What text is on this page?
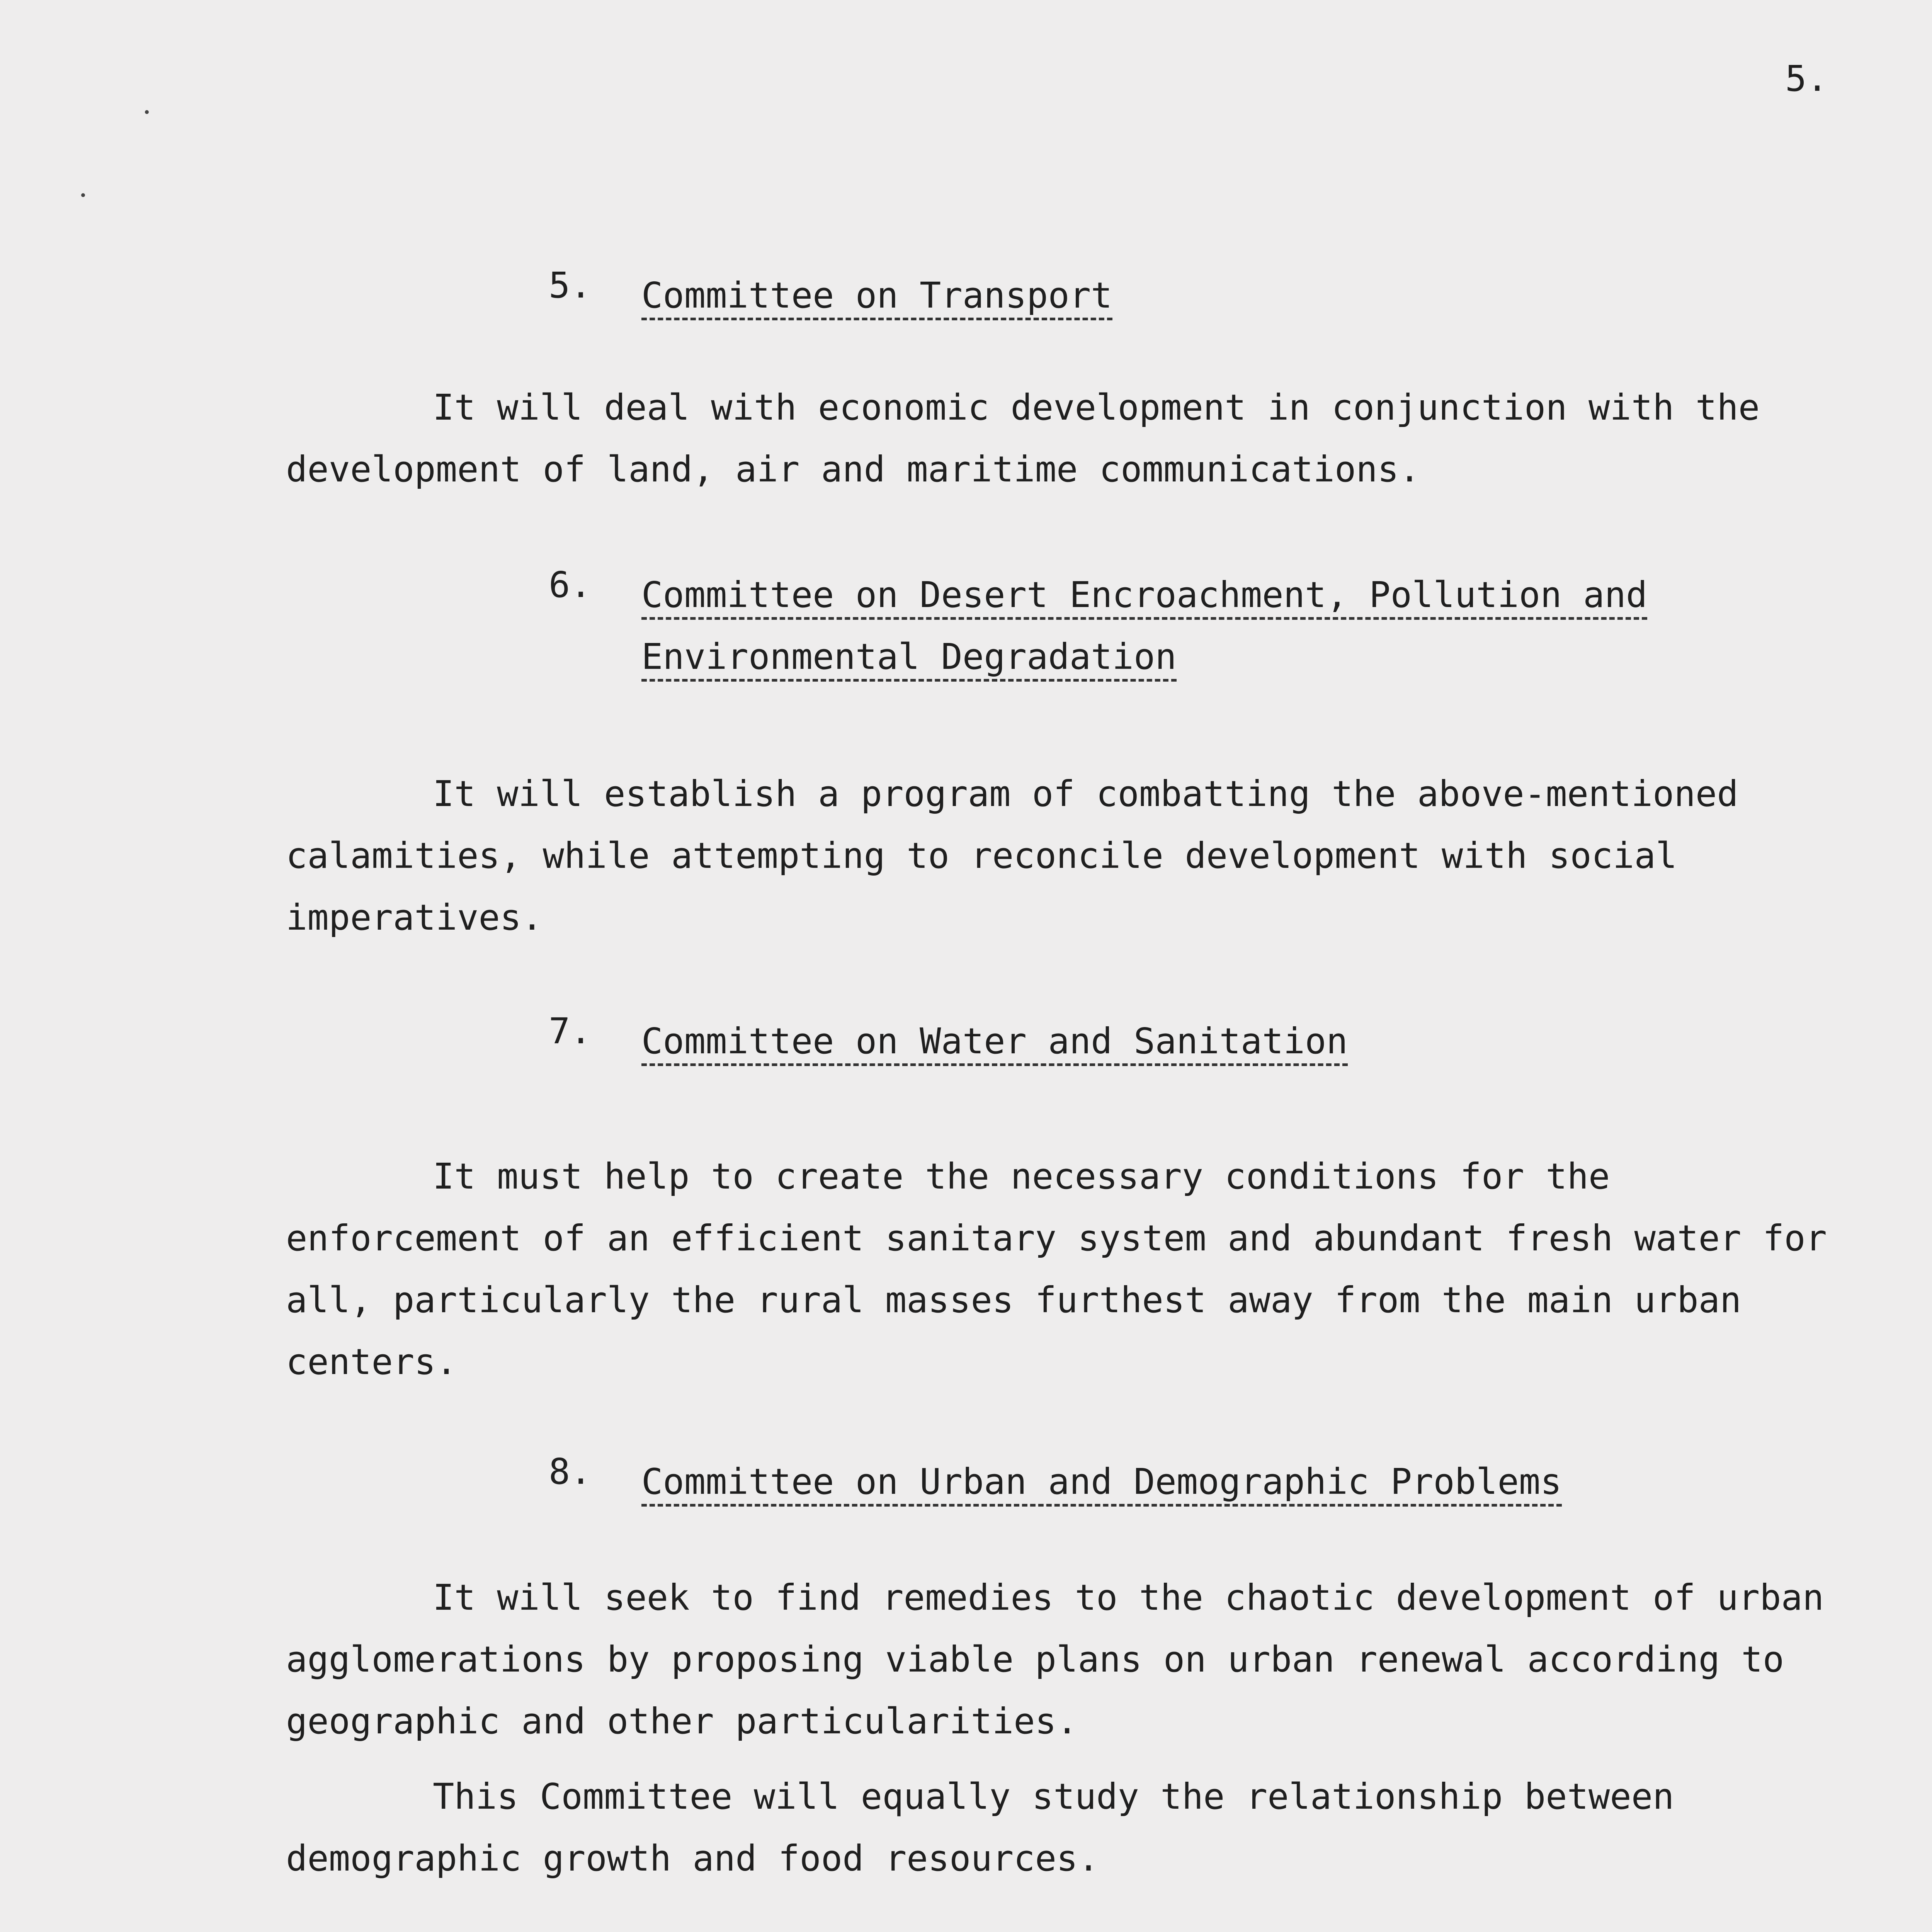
5.
5. Committee on Transport
It will deal with economic development in conjunction with the development of land, air and maritime communications.
6. Committee on Desert Encroachment, Pollution and Environmental Degradation
It will establish a program of combatting the above-mentioned calamities, while attempting to reconcile development with social imperatives.
7. Committee on Water and Sanitation
It must help to create the necessary conditions for the enforcement of an efficient sanitary system and abundant fresh water for all, particularly the rural masses furthest away from the main urban centers.
8. Committee on Urban and Demographic Problems
It will seek to find remedies to the chaotic development of urban agglomerations by proposing viable plans on urban renewal according to geographic and other particularities.
This Committee will equally study the relationship between demographic growth and food resources.
